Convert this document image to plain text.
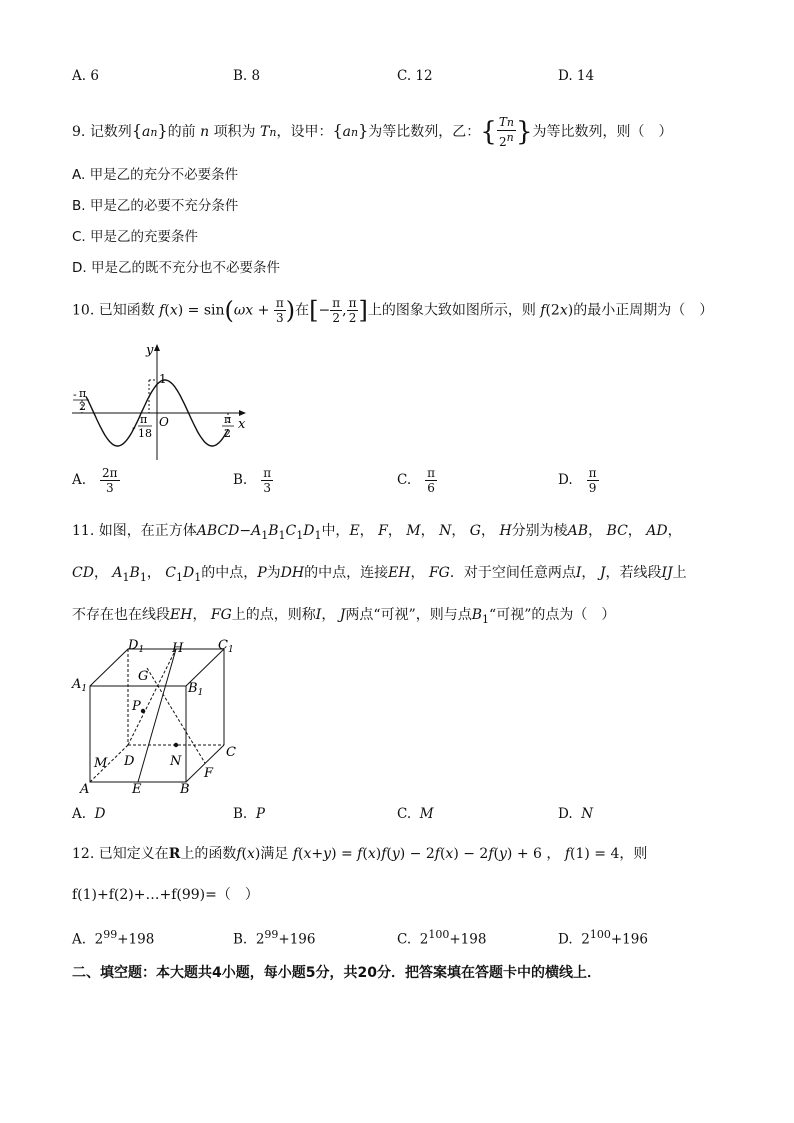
A. 6	B. 8	C. 12	D. 14
9. 记数列{an}的前 n 项积为 Tn，设甲：{an}为等比数列，乙：{ $\frac{Tn}{2^n}$ }为等比数列，则（　）
A. 甲是乙的充分不必要条件
B. 甲是乙的必要不充分条件
C. 甲是乙的充要条件
D. 甲是乙的既不充分也不必要条件
10. 已知函数 $f(x) = \sin(\omega x + \frac{\pi}{3}$ )在[− $\frac{\pi}{2}$ , $\frac{\pi}{2}$ ]上的图象大致如图所示，则 f(2x)的最小正周期为（　）
y
x
1
O
π
-
2
π
- 18
π
2
A. $\frac{2\pi}{3}$	B. $\frac{\pi}{3}$	C. $\frac{\pi}{6}$	D. $\frac{\pi}{9}$
11. 如图，在正方体$ABCD-A_1B_1C_1D_1$中，E， F， M， N， G， H分别为棱AB， BC， AD，
CD， $A_1B_1$， $C_1D_1$的中点，P为DH的中点，连接EH， FG．对于空间任意两点I， J，若线段IJ上
不存在也在线段EH， FG上的点，则称I， J两点“可视”，则与点$B_1“$可视”的点为（　）
$D_1$ H	$C_1$
$A_1$
G
$B_1$
P
M D	N
C
A	E	B
F
A. D	B. P	C. M	D. N
12. 已知定义在R上的函数f(x)满足 f(x+y) = f(x)f(y) − 2f(x) − 2f(y) + 6 ， f(1) = 4，则
f(1)+f(2)+…+f(99)=（　）
A. $2^{99}+198$	B. $2^{99}+196$	C. $2^{100}+198$	D. $2^{100}+196$
二、填空题：本大题共4小题，每小题5分，共20分．把答案填在答题卡中的横线上．
